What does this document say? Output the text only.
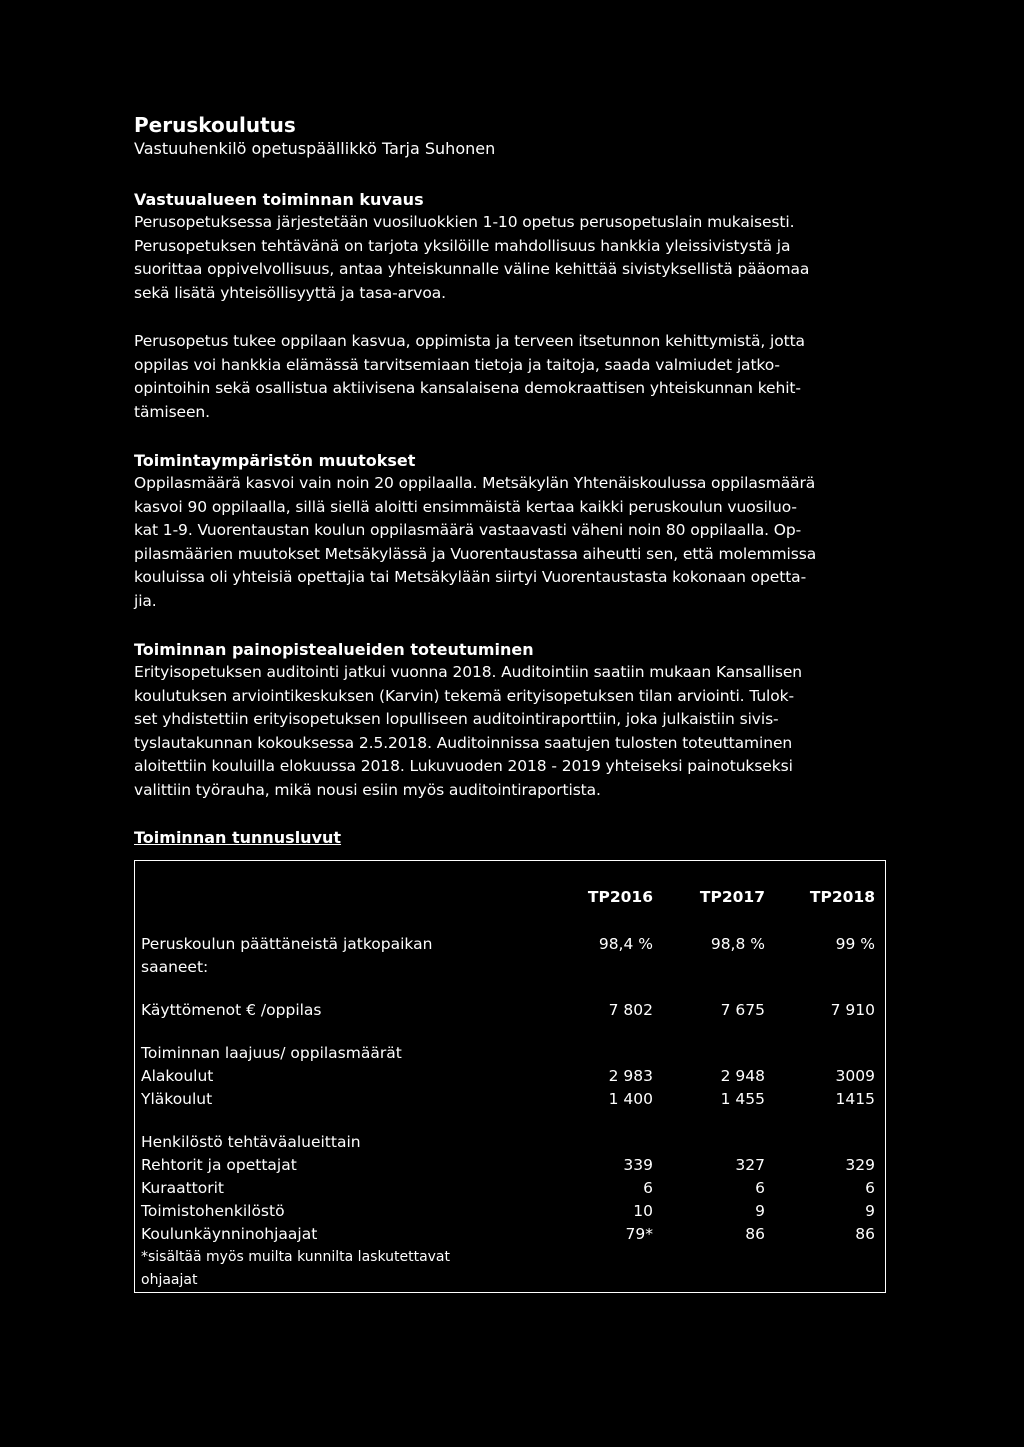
Peruskoulutus

Vastuuhenkilö opetuspäällikkö Tarja Suhonen

Vastuualueen toiminnan kuvaus

Perusopetuksessa järjestetään vuosiluokkien 1-10 opetus perusopetuslain mukaisesti.

Perusopetuksen tehtävänä on tarjota yksilöille mahdollisuus hankkia yleissivistystä ja

suorittaa oppivelvollisuus, antaa yhteiskunnalle väline kehittää sivistyksellistä pääomaa

sekä lisätä yhteisöllisyyttä ja tasa-arvoa.

Perusopetus tukee oppilaan kasvua, oppimista ja terveen itsetunnon kehittymistä, jotta

oppilas voi hankkia elämässä tarvitsemiaan tietoja ja taitoja, saada valmiudet jatko-

opintoihin sekä osallistua aktiivisena kansalaisena demokraattisen yhteiskunnan kehit-

tämiseen.

Toimintaympäristön muutokset

Oppilasmäärä kasvoi vain noin 20 oppilaalla. Metsäkylän Yhtenäiskoulussa oppilasmäärä

kasvoi 90 oppilaalla, sillä siellä aloitti ensimmäistä kertaa kaikki peruskoulun vuosiluo-

kat 1-9. Vuorentaustan koulun oppilasmäärä vastaavasti väheni noin 80 oppilaalla. Op-

pilasmäärien muutokset Metsäkylässä ja Vuorentaustassa aiheutti sen, että molemmissa

kouluissa oli yhteisiä opettajia tai Metsäkylään siirtyi Vuorentaustasta kokonaan opetta-

jia.

Toiminnan painopistealueiden toteutuminen

Erityisopetuksen auditointi jatkui vuonna 2018. Auditointiin saatiin mukaan Kansallisen

koulutuksen arviointikeskuksen (Karvin) tekemä erityisopetuksen tilan arviointi. Tulok-

set yhdistettiin erityisopetuksen lopulliseen auditointiraporttiin, joka julkaistiin sivis-

tyslautakunnan kokouksessa 2.5.2018. Auditoinnissa saatujen tulosten toteuttaminen

aloitettiin kouluilla elokuussa 2018. Lukuvuoden 2018 - 2019 yhteiseksi painotukseksi

valittiin työrauha, mikä nousi esiin myös auditointiraportista.

Toiminnan tunnusluvut

	TP2016	TP2017	TP2018

Peruskoulun päättäneistä jatkopaikan
saaneet:	98,4 %	98,8 %	99 %

Käyttömenot € /oppilas	7 802	7 675	7 910

Toiminnan laajuus/ oppilasmäärät			
Alakoulut	2 983	2 948	3009
Yläkoulut	1 400	1 455	1415

Henkilöstö tehtäväalueittain			
Rehtorit ja opettajat	339	327	329
Kuraattorit	6	6	6
Toimistohenkilöstö	10	9	9
Koulunkäynninohjaajat	79*	86	86

*sisältää myös muilta kunnilta laskutettavat
ohjaajat			
